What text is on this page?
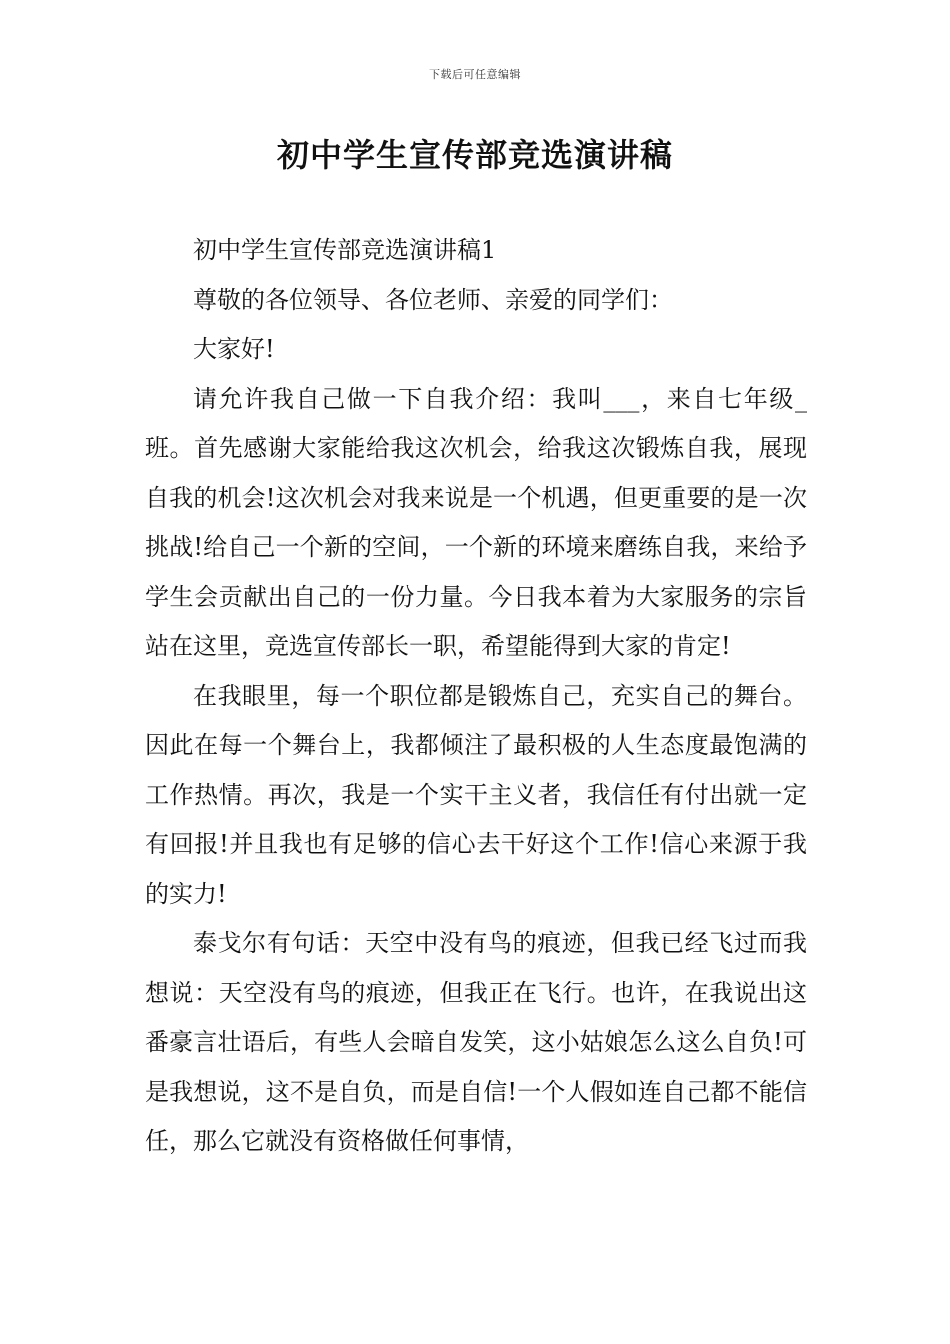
下载后可任意编辑
初中学生宣传部竞选演讲稿

初中学生宣传部竞选演讲稿1

尊敬的各位领导、各位老师、亲爱的同学们：

大家好!

请允许我自己做一下自我介绍：我叫___，来自七年级_班。首先感谢大家能给我这次机会，给我这次锻炼自我，展现自我的机会!这次机会对我来说是一个机遇，但更重要的是一次挑战!给自己一个新的空间，一个新的环境来磨练自我，来给予学生会贡献出自己的一份力量。今日我本着为大家服务的宗旨站在这里，竞选宣传部长一职，希望能得到大家的肯定!

在我眼里，每一个职位都是锻炼自己，充实自己的舞台。因此在每一个舞台上，我都倾注了最积极的人生态度最饱满的工作热情。再次，我是一个实干主义者，我信任有付出就一定有回报!并且我也有足够的信心去干好这个工作!信心来源于我的实力!

泰戈尔有句话：天空中没有鸟的痕迹，但我已经飞过而我想说：天空没有鸟的痕迹，但我正在飞行。也许，在我说出这番豪言壮语后，有些人会暗自发笑，这小姑娘怎么这么自负!可是我想说，这不是自负，而是自信!一个人假如连自己都不能信任，那么它就没有资格做任何事情，
